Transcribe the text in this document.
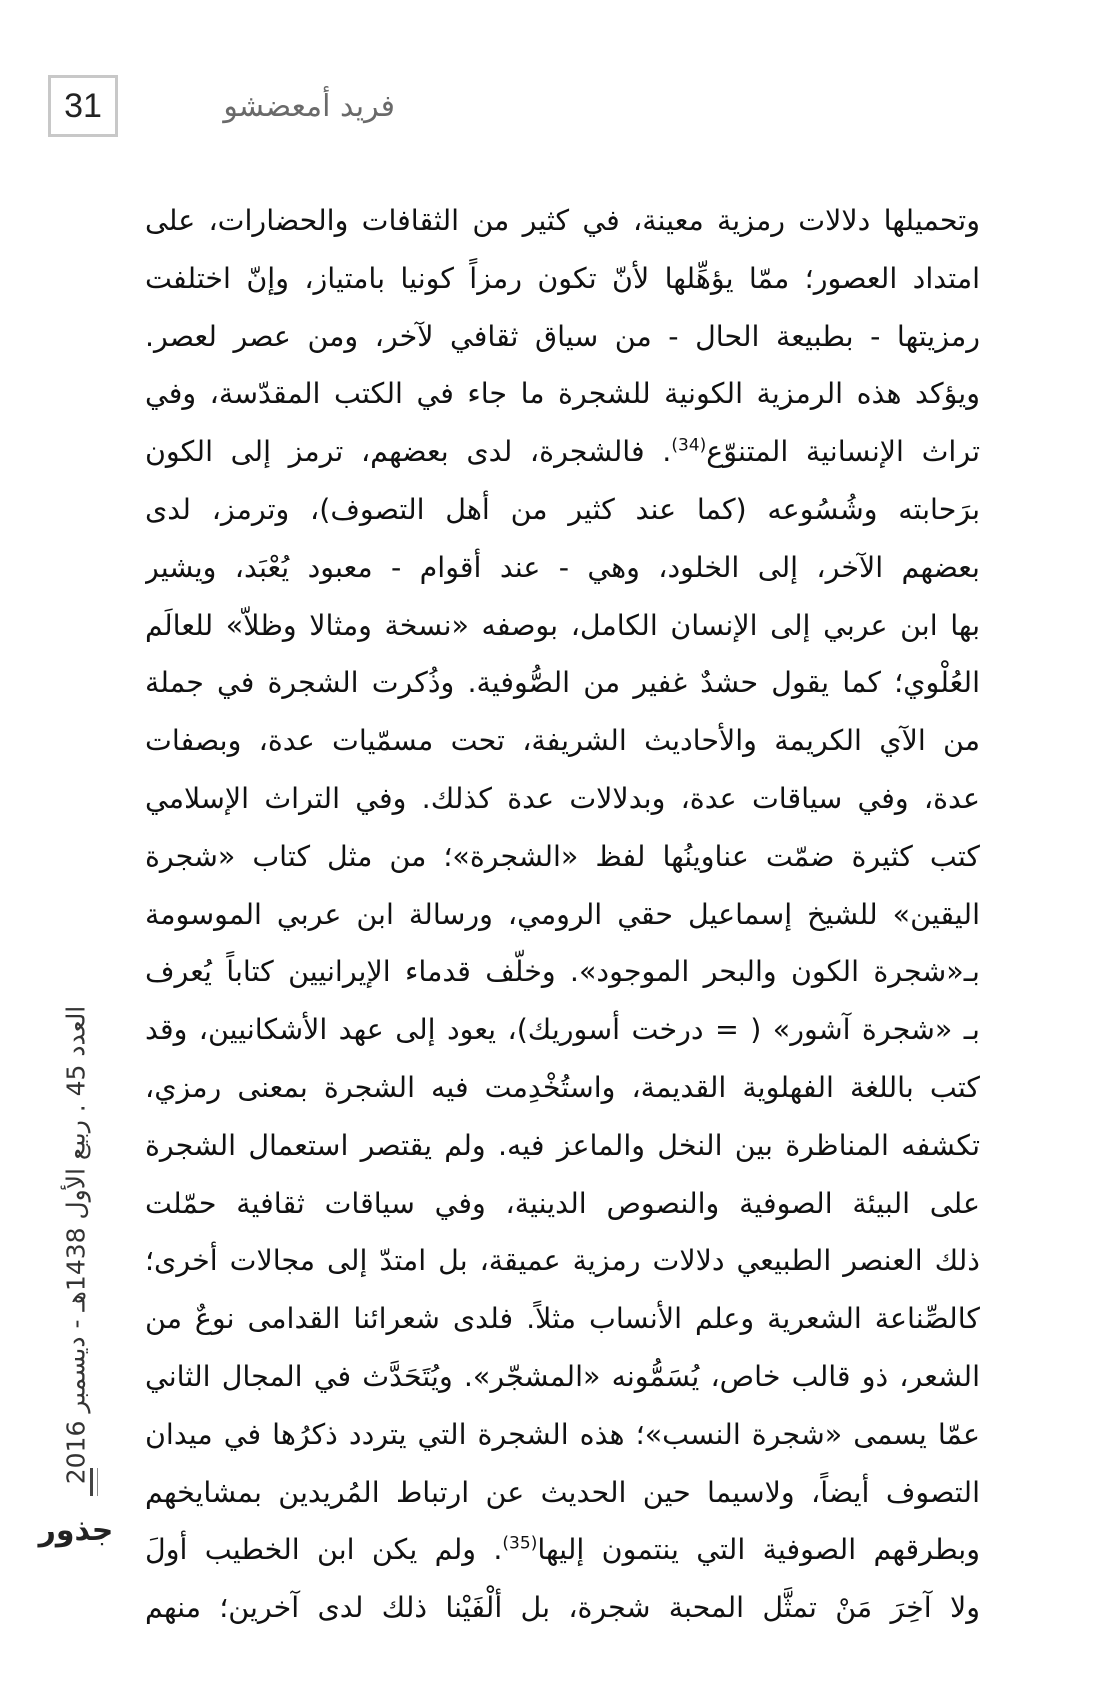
31	فريد أمعضشو
وتحميلها دلالات رمزية معينة، في كثير من الثقافات والحضارات، على
امتداد العصور؛ ممّا يؤهِّلها لأنّ تكون رمزاً كونيا بامتياز، وإنّ اختلفت
رمزيتها - بطبيعة الحال - من سياق ثقافي لآخر، ومن عصر لعصر.
ويؤكد هذه الرمزية الكونية للشجرة ما جاء في الكتب المقدّسة، وفي
تراث الإنسانية المتنوّع$^{(34)}$. فالشجرة، لدى بعضهم، ترمز إلى الكون
برَحابته وشُسُوعه (كما عند كثير من أهل التصوف)، وترمز، لدى
بعضهم الآخر، إلى الخلود، وهي - عند أقوام - معبود يُعْبَد، ويشير
بها ابن عربي إلى الإنسان الكامل، بوصفه «نسخة ومثالا وظلاّ» للعالَم
العُلْوي؛ كما يقول حشدٌ غفير من الصُّوفية. وذُكرت الشجرة في جملة
من الآي الكريمة والأحاديث الشريفة، تحت مسمّيات عدة، وبصفات
عدة، وفي سياقات عدة، وبدلالات عدة كذلك. وفي التراث الإسلامي
كتب كثيرة ضمّت عناوينُها لفظ «الشجرة»؛ من مثل كتاب «شجرة
اليقين» للشيخ إسماعيل حقي الرومي، ورسالة ابن عربي الموسومة
بـ«شجرة الكون والبحر الموجود». وخلّف قدماء الإيرانيين كتاباً يُعرف
بـ «شجرة آشور» ( = درخت أسوريك)، يعود إلى عهد الأشكانيين، وقد
كتب باللغة الفهلوية القديمة، واستُخْدِمت فيه الشجرة بمعنى رمزي،
تكشفه المناظرة بين النخل والماعز فيه. ولم يقتصر استعمال الشجرة
على البيئة الصوفية والنصوص الدينية، وفي سياقات ثقافية حمّلت
ذلك العنصر الطبيعي دلالات رمزية عميقة، بل امتدّ إلى مجالات أخرى؛
كالصِّناعة الشعرية وعلم الأنساب مثلاً. فلدى شعرائنا القدامى نوعٌ من
الشعر، ذو قالب خاص، يُسَمُّونه «المشجّر». ويُتَحَدَّث في المجال الثاني
عمّا يسمى «شجرة النسب»؛ هذه الشجرة التي يتردد ذكرُها في ميدان
التصوف أيضاً، ولاسيما حين الحديث عن ارتباط المُريدين بمشايخهم
وبطرقهم الصوفية التي ينتمون إليها$^{(35)}$. ولم يكن ابن الخطيب أولَ
ولا آخِرَ مَنْ تمثَّل المحبة شجرة، بل ألْفَيْنا ذلك لدى آخرين؛ منهم
العدد 45 . ربيع الأول 1438هـ - ديسمبر 2016
جذور
